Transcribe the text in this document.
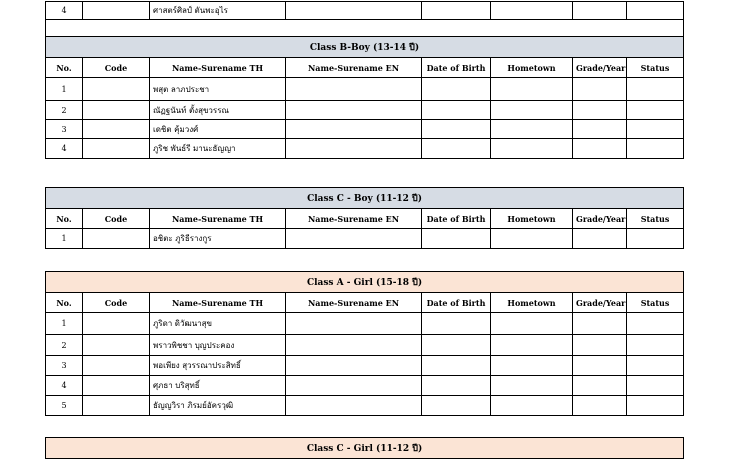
4		ศาสตร์ศิลป์ ตันพะอุไร					

Class B-Boy (13-14 ปี)							
No.	Code	Name-Surename TH	Name-Surename EN	Date of Birth	Hometown	Grade/Year	Status
1		พสุต ลาภประชา					
2		ณัฏฐนันท์ ตั้งสุขวรรณ					
3		เดชิต คุ้มวงศ์					
4		ภูริช พันธ์รี มานะธัญญา					
Class C - Boy (11-12 ปี)							
No.	Code	Name-Surename TH	Name-Surename EN	Date of Birth	Hometown	Grade/Year	Status
1		อชิตะ ภูริธีรางกูร					
Class A - Girl (15-18 ปี)							
No.	Code	Name-Surename TH	Name-Surename EN	Date of Birth	Hometown	Grade/Year	Status
1		ภูริดา ดิวัฒนาสุข					
2		พราวพิชชา บุญประคอง					
3		พอเพียง สุวรรณาประสิทธิ์					
4		ศุภธา บริสุทธิ์					
5		ธัญญวิรา ภิรมย์อัครวุฒิ					
Class C - Girl (11-12 ปี)
